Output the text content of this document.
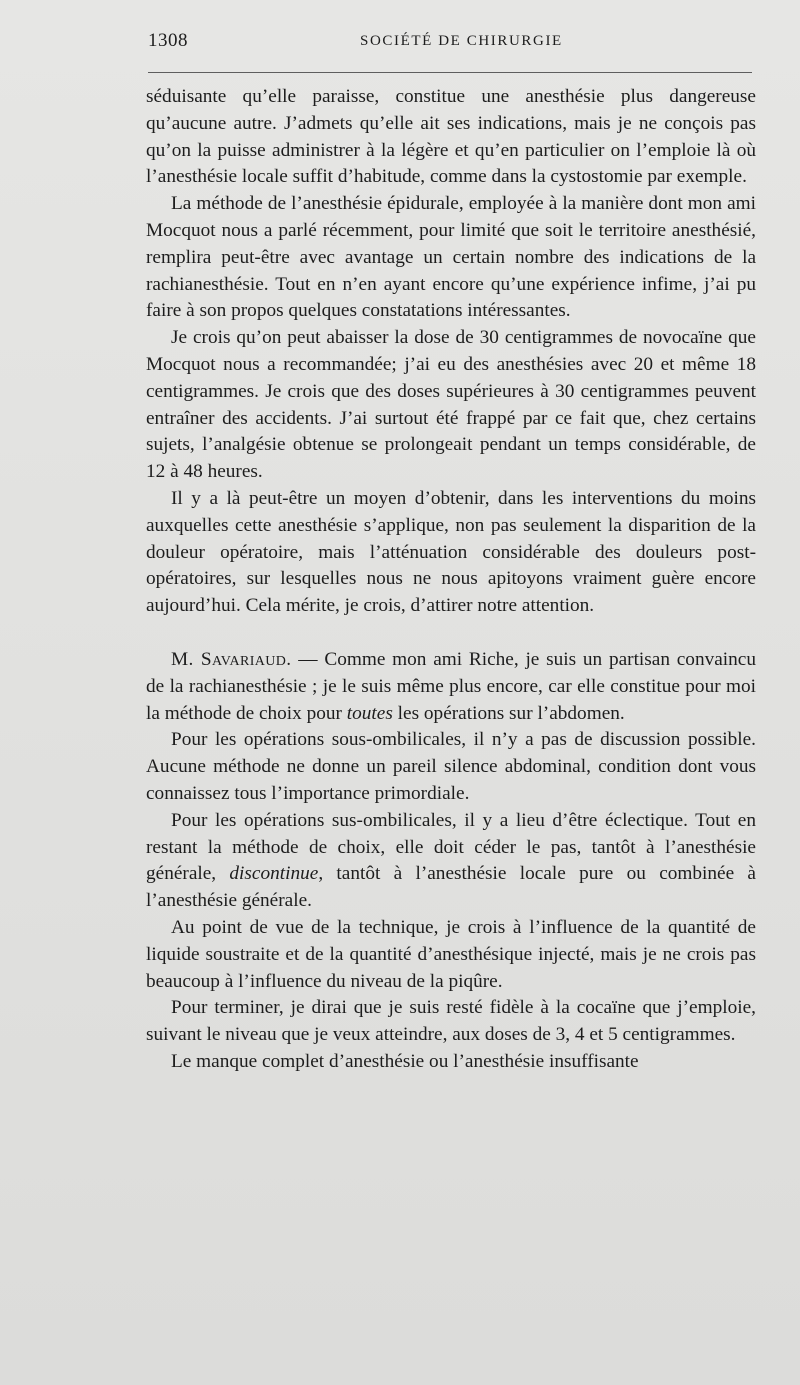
1308	SOCIÉTÉ DE CHIRURGIE

séduisante qu’elle paraisse, constitue une anesthésie plus dangereuse qu’aucune autre. J’admets qu’elle ait ses indications, mais je ne conçois pas qu’on la puisse administrer à la légère et qu’en particulier on l’emploie là où l’anesthésie locale suffit d’habitude, comme dans la cystostomie par exemple.

La méthode de l’anesthésie épidurale, employée à la manière dont mon ami Mocquot nous a parlé récemment, pour limité que soit le territoire anesthésié, remplira peut-être avec avantage un certain nombre des indications de la rachianesthésie. Tout en n’en ayant encore qu’une expérience infime, j’ai pu faire à son propos quelques constatations intéressantes.

Je crois qu’on peut abaisser la dose de 30 centigrammes de novocaïne que Mocquot nous a recommandée; j’ai eu des anesthésies avec 20 et même 18 centigrammes. Je crois que des doses supérieures à 30 centigrammes peuvent entraîner des accidents. J’ai surtout été frappé par ce fait que, chez certains sujets, l’analgésie obtenue se prolongeait pendant un temps considérable, de 12 à 48 heures.

Il y a là peut-être un moyen d’obtenir, dans les interventions du moins auxquelles cette anesthésie s’applique, non pas seulement la disparition de la douleur opératoire, mais l’atténuation considérable des douleurs post-opératoires, sur lesquelles nous ne nous apitoyons vraiment guère encore aujourd’hui. Cela mérite, je crois, d’attirer notre attention.

M. Savariaud. — Comme mon ami Riche, je suis un partisan convaincu de la rachianesthésie ; je le suis même plus encore, car elle constitue pour moi la méthode de choix pour toutes les opérations sur l’abdomen.

Pour les opérations sous-ombilicales, il n’y a pas de discussion possible. Aucune méthode ne donne un pareil silence abdominal, condition dont vous connaissez tous l’importance primordiale.

Pour les opérations sus-ombilicales, il y a lieu d’être éclectique. Tout en restant la méthode de choix, elle doit céder le pas, tantôt à l’anesthésie générale, discontinue, tantôt à l’anesthésie locale pure ou combinée à l’anesthésie générale.

Au point de vue de la technique, je crois à l’influence de la quantité de liquide soustraite et de la quantité d’anesthésique injecté, mais je ne crois pas beaucoup à l’influence du niveau de la piqûre.

Pour terminer, je dirai que je suis resté fidèle à la cocaïne que j’emploie, suivant le niveau que je veux atteindre, aux doses de 3, 4 et 5 centigrammes.

Le manque complet d’anesthésie ou l’anesthésie insuffisante
